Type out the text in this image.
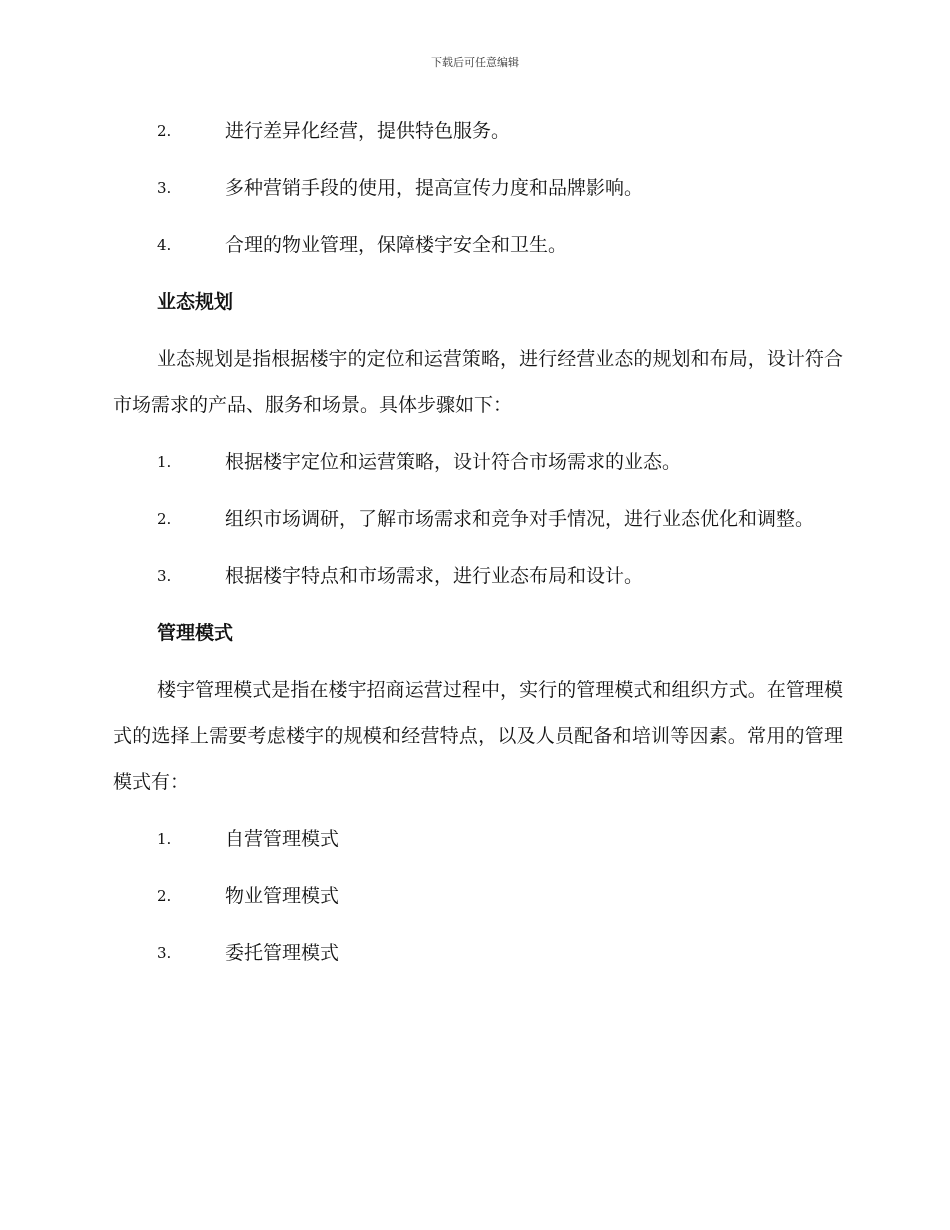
下载后可任意编辑
2.	进行差异化经营，提供特色服务。
3.	多种营销手段的使用，提高宣传力度和品牌影响。
4.	合理的物业管理，保障楼宇安全和卫生。
业态规划
业态规划是指根据楼宇的定位和运营策略，进行经营业态的规划和布局，设计符合市场需求的产品、服务和场景。具体步骤如下：
1.	根据楼宇定位和运营策略，设计符合市场需求的业态。
2.	组织市场调研，了解市场需求和竞争对手情况，进行业态优化和调整。
3.	根据楼宇特点和市场需求，进行业态布局和设计。
管理模式
楼宇管理模式是指在楼宇招商运营过程中，实行的管理模式和组织方式。在管理模式的选择上需要考虑楼宇的规模和经营特点，以及人员配备和培训等因素。常用的管理模式有：
1.	自营管理模式
2.	物业管理模式
3.	委托管理模式
